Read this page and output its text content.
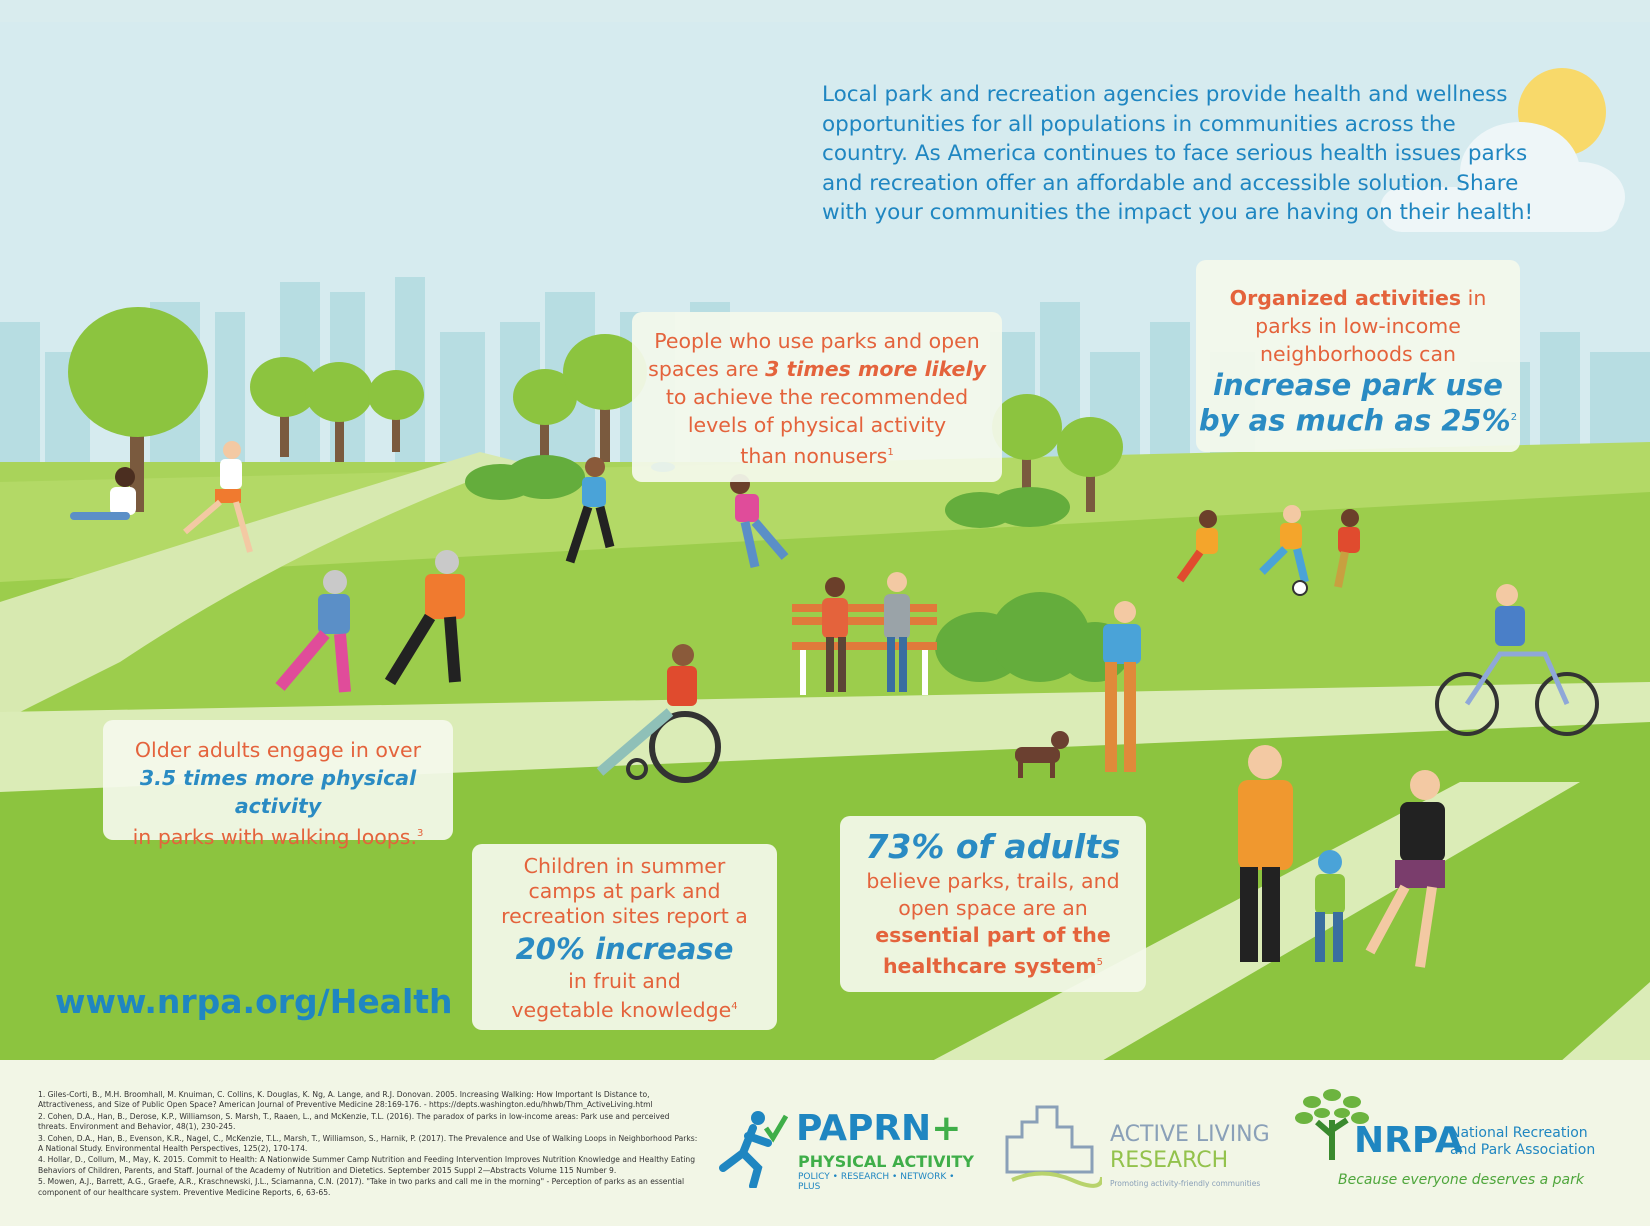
Local park and recreation agencies provide health and wellness opportunities for all populations in communities across the country. As America continues to face serious health issues parks and recreation offer an affordable and accessible solution. Share with your communities the impact you are having on their health!
People who use parks and open
spaces are 3 times more likely
to achieve the recommended
levels of physical activity
than nonusers$^1$
Organized activities in
parks in low-income
neighborhoods can
increase park use
by as much as 25%$^2$
Older adults engage in over
3.5 times more physical activity
in parks with walking loops.$^3$
Children in summer
camps at park and
recreation sites report a
20% increase
in fruit and
vegetable knowledge$^4$
73% of adults
believe parks, trails, and
open space are an
essential part of the
healthcare system$^5$
www.nrpa.org/Health
1. Giles-Corti, B., M.H. Broomhall, M. Knuiman, C. Collins, K. Douglas, K. Ng, A. Lange, and R.J. Donovan. 2005. Increasing Walking: How Important Is Distance to, Attractiveness, and Size of Public Open Space? American Journal of Preventive Medicine 28:169-176. - https://depts.washington.edu/hhwb/Thm_ActiveLiving.html
2. Cohen, D.A., Han, B., Derose, K.P., Williamson, S. Marsh, T., Raaen, L., and McKenzie, T.L. (2016). The paradox of parks in low-income areas: Park use and perceived threats. Environment and Behavior, 48(1), 230-245.
3. Cohen, D.A., Han, B., Evenson, K.R., Nagel, C., McKenzie, T.L., Marsh, T., Williamson, S., Harnik, P. (2017). The Prevalence and Use of Walking Loops in Neighborhood Parks: A National Study. Environmental Health Perspectives, 125(2), 170-174.
4. Hollar, D., Collum, M., May, K. 2015. Commit to Health: A Nationwide Summer Camp Nutrition and Feeding Intervention Improves Nutrition Knowledge and Healthy Eating Behaviors of Children, Parents, and Staff. Journal of the Academy of Nutrition and Dietetics. September 2015 Suppl 2—Abstracts Volume 115 Number 9.
5. Mowen, A.J., Barrett, A.G., Graefe, A.R., Kraschnewski, J.L., Sciamanna, C.N. (2017). "Take in two parks and call me in the morning" - Perception of parks as an essential component of our healthcare system. Preventive Medicine Reports, 6, 63-65.
PAPRN+
PHYSICAL ACTIVITY
POLICY • RESEARCH • NETWORK • PLUS
ACTIVE LIVING
RESEARCH
Promoting activity-friendly communities
NRPA
National Recreation
and Park Association
Because everyone deserves a park
